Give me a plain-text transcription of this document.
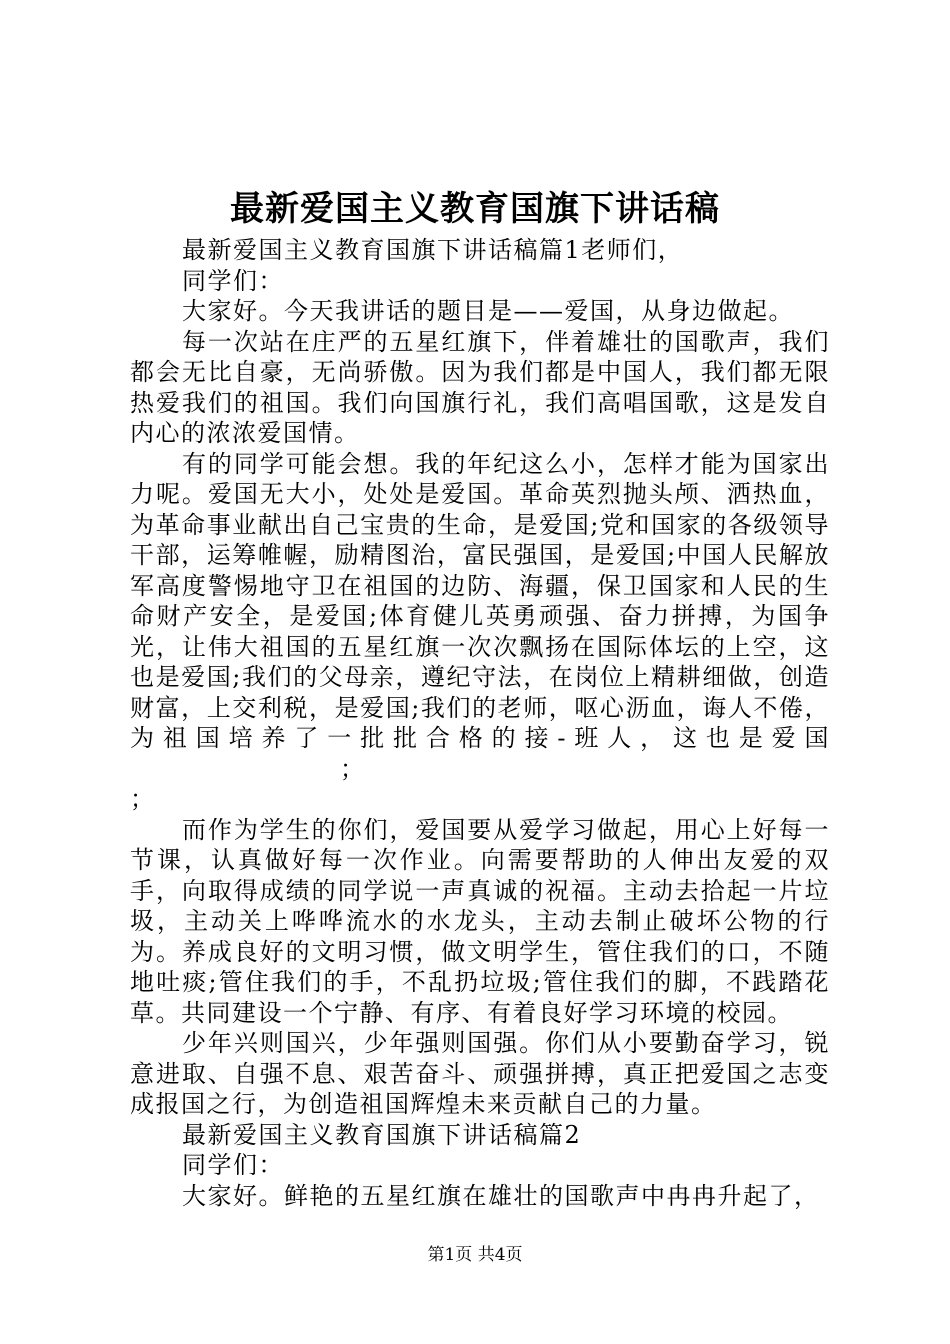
最新爱国主义教育国旗下讲话稿

最新爱国主义教育国旗下讲话稿篇1老师们，

同学们：

大家好。今天我讲话的题目是——爱国，从身边做起。

每一次站在庄严的五星红旗下，伴着雄壮的国歌声，我们都会无比自豪，无尚骄傲。因为我们都是中国人，我们都无限热爱我们的祖国。我们向国旗行礼，我们高唱国歌，这是发自内心的浓浓爱国情。

有的同学可能会想。我的年纪这么小，怎样才能为国家出力呢。爱国无大小，处处是爱国。革命英烈抛头颅、洒热血，为革命事业献出自己宝贵的生命，是爱国;党和国家的各级领导干部，运筹帷幄，励精图治，富民强国，是爱国;中国人民解放军高度警惕地守卫在祖国的边防、海疆，保卫国家和人民的生命财产安全，是爱国;体育健儿英勇顽强、奋力拼搏，为国争光，让伟大祖国的五星红旗一次次飘扬在国际体坛的上空，这也是爱国;我们的父母亲，遵纪守法，在岗位上精耕细做，创造财富，上交利税，是爱国;我们的老师，呕心沥血，诲人不倦，为祖国培养了一批批合格的接-班人，这也是爱国；

；

而作为学生的你们，爱国要从爱学习做起，用心上好每一节课，认真做好每一次作业。向需要帮助的人伸出友爱的双手，向取得成绩的同学说一声真诚的祝福。主动去拾起一片垃圾，主动关上哗哗流水的水龙头，主动去制止破坏公物的行为。养成良好的文明习惯，做文明学生，管住我们的口，不随地吐痰;管住我们的手，不乱扔垃圾;管住我们的脚，不践踏花草。共同建设一个宁静、有序、有着良好学习环境的校园。

少年兴则国兴，少年强则国强。你们从小要勤奋学习，锐意进取、自强不息、艰苦奋斗、顽强拼搏，真正把爱国之志变成报国之行，为创造祖国辉煌未来贡献自己的力量。

最新爱国主义教育国旗下讲话稿篇2

同学们：

大家好。鲜艳的五星红旗在雄壮的国歌声中冉冉升起了，

第1页 共4页
